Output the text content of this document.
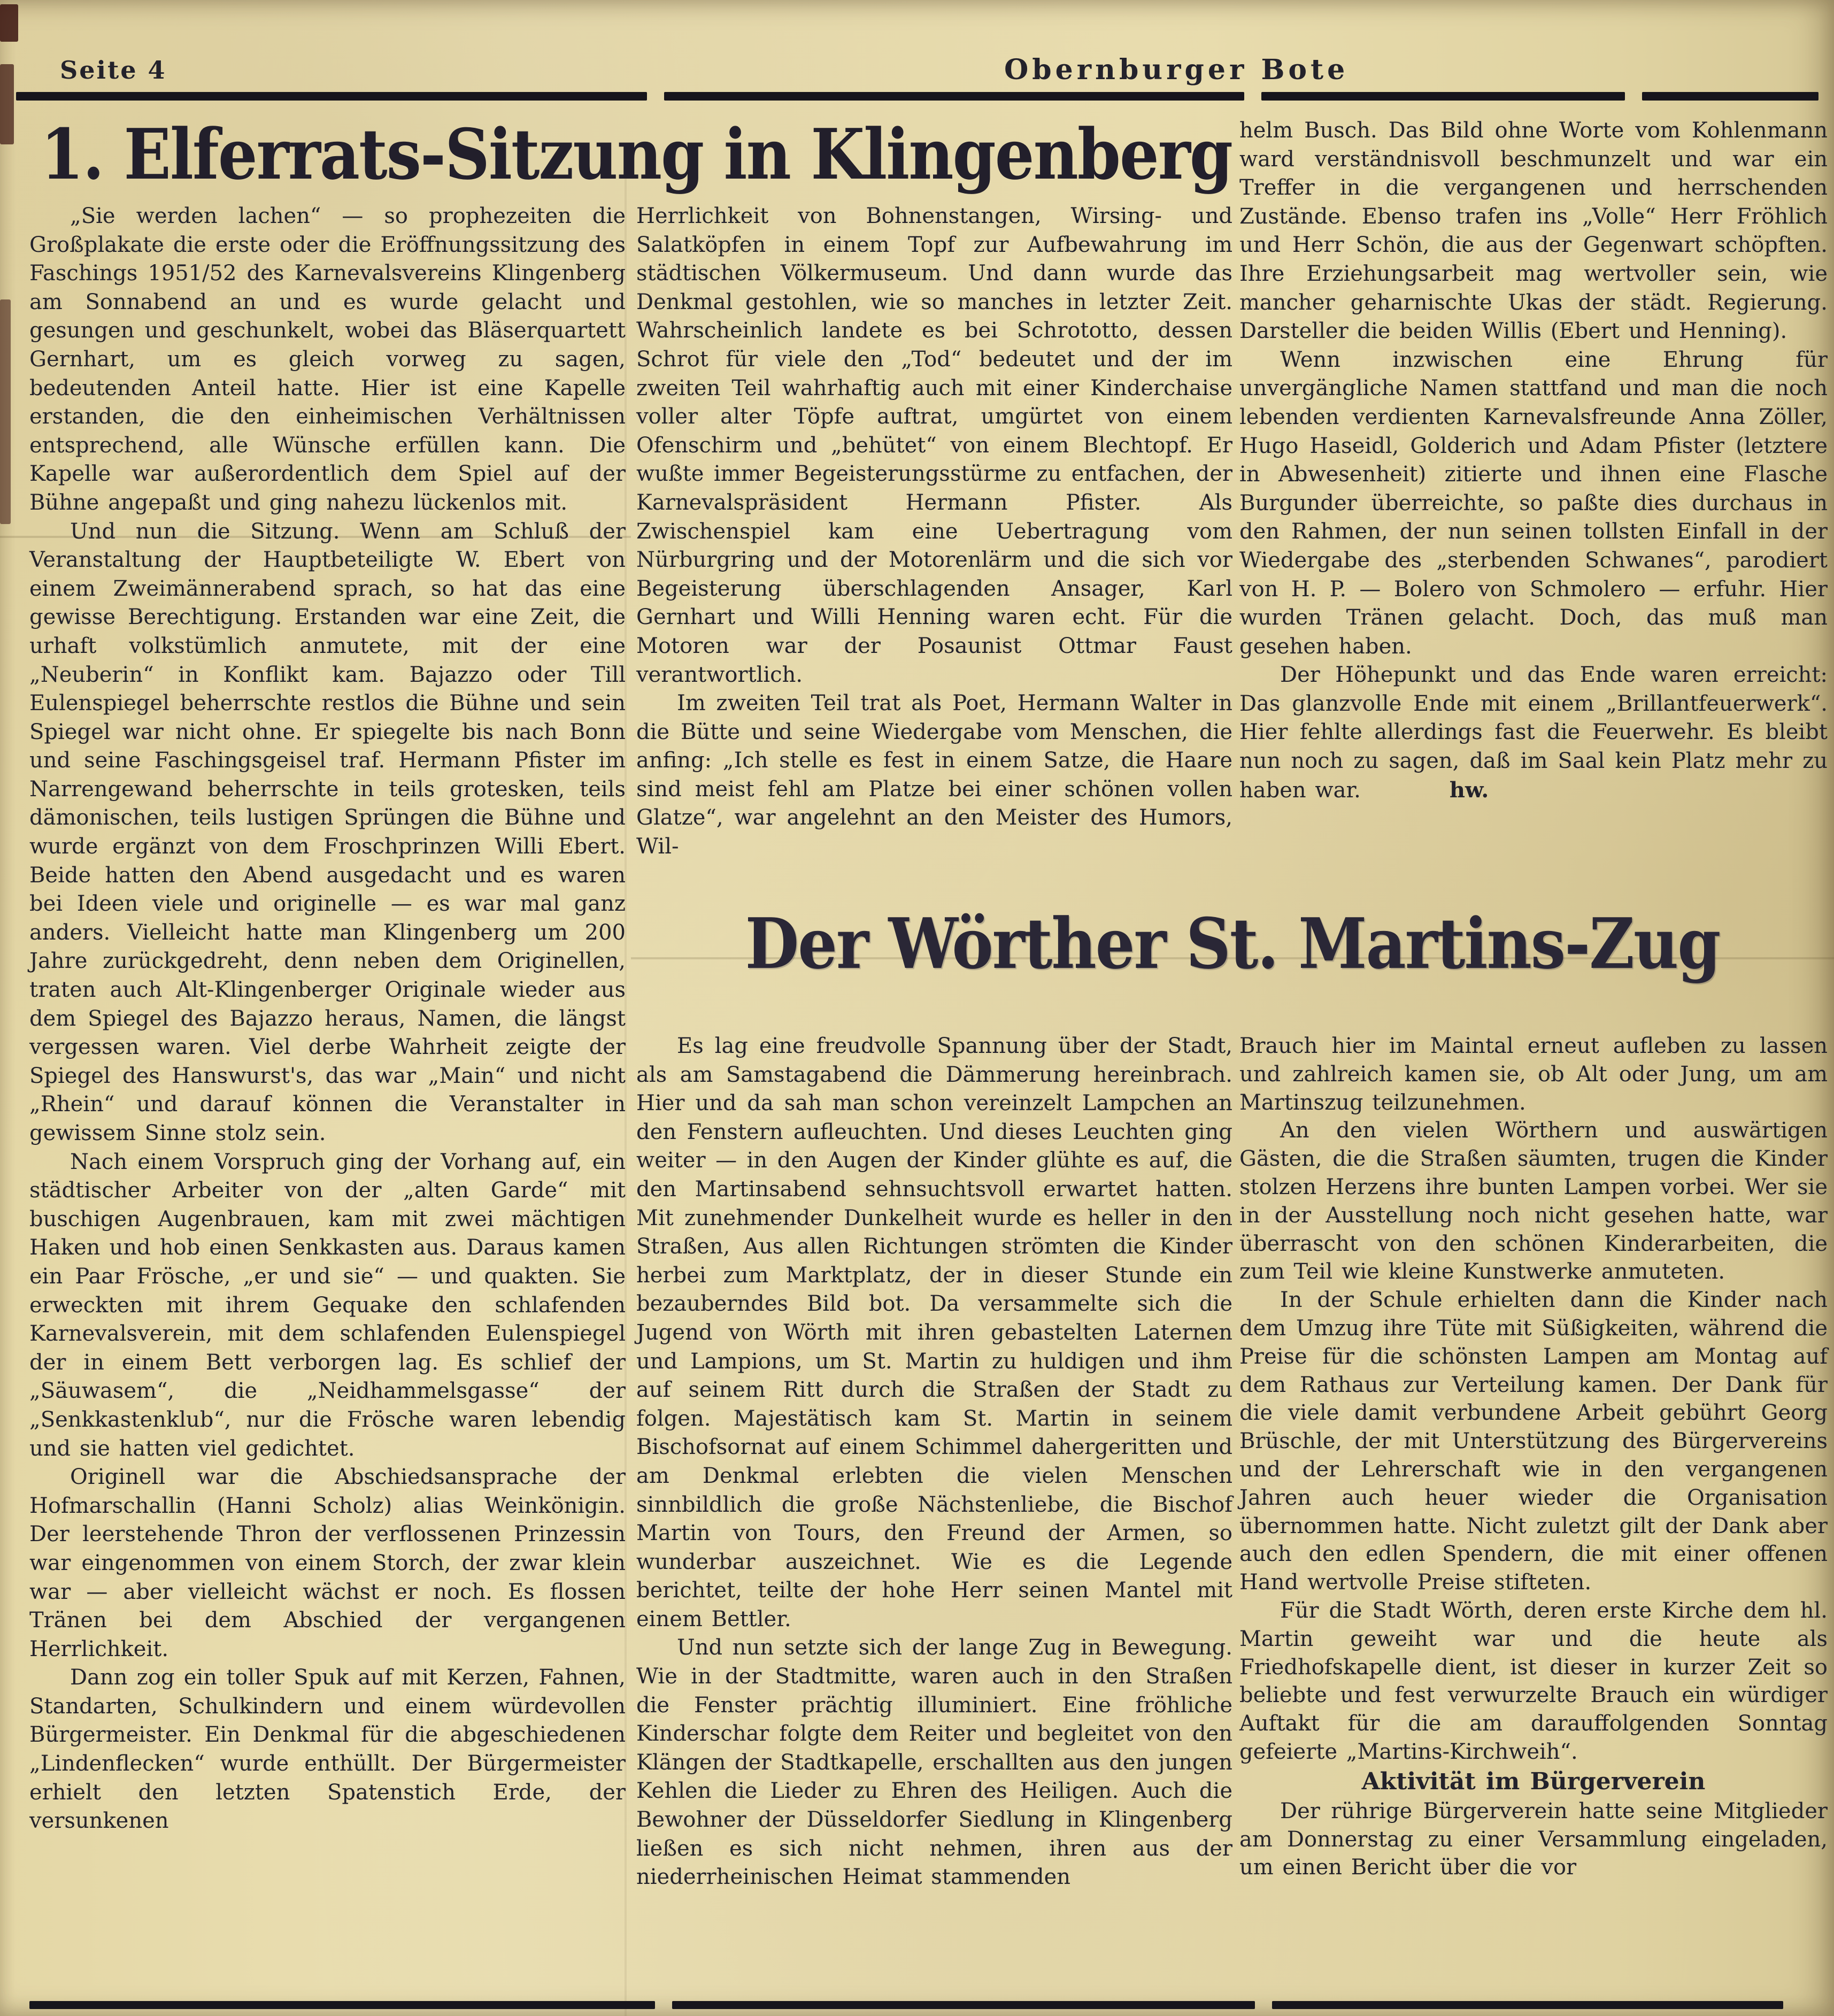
Seite 4	Obernburger Bote
1. Elferrats-Sitzung in Klingenberg

„Sie werden lachen“ — so prophezeiten die Großplakate die erste oder die Eröffnungssitzung des Faschings 1951/52 des Karnevalsvereins Klingenberg am Sonnabend an und es wurde gelacht und gesungen und geschunkelt, wobei das Bläserquartett Gernhart, um es gleich vorweg zu sagen, bedeutenden Anteil hatte. Hier ist eine Kapelle erstanden, die den einheimischen Verhältnissen entsprechend, alle Wünsche erfüllen kann. Die Kapelle war außerordentlich dem Spiel auf der Bühne angepaßt und ging nahezu lückenlos mit.

Und nun die Sitzung. Wenn am Schluß der Veranstaltung der Hauptbeteiligte W. Ebert von einem Zweimännerabend sprach, so hat das eine gewisse Berechtigung. Erstanden war eine Zeit, die urhaft volkstümlich anmutete, mit der eine „Neuberin“ in Konflikt kam. Bajazzo oder Till Eulenspiegel beherrschte restlos die Bühne und sein Spiegel war nicht ohne. Er spiegelte bis nach Bonn und seine Faschingsgeisel traf. Hermann Pfister im Narrengewand beherrschte in teils grotesken, teils dämonischen, teils lustigen Sprüngen die Bühne und wurde ergänzt von dem Froschprinzen Willi Ebert. Beide hatten den Abend ausgedacht und es waren bei Ideen viele und originelle — es war mal ganz anders. Vielleicht hatte man Klingenberg um 200 Jahre zurückgedreht, denn neben dem Originellen, traten auch Alt-Klingenberger Originale wieder aus dem Spiegel des Bajazzo heraus, Namen, die längst vergessen waren. Viel derbe Wahrheit zeigte der Spiegel des Hanswurst's, das war „Main“ und nicht „Rhein“ und darauf können die Veranstalter in gewissem Sinne stolz sein.

Nach einem Vorspruch ging der Vorhang auf, ein städtischer Arbeiter von der „alten Garde“ mit buschigen Augenbrauen, kam mit zwei mächtigen Haken und hob einen Senkkasten aus. Daraus kamen ein Paar Frösche, „er und sie“ — und quakten. Sie erweckten mit ihrem Gequake den schlafenden Karnevalsverein, mit dem schlafenden Eulenspiegel der in einem Bett verborgen lag. Es schlief der „Säuwasem“, die „Neidhammelsgasse“ der „Senkkastenklub“, nur die Frösche waren lebendig und sie hatten viel gedichtet.

Originell war die Abschiedsansprache der Hofmarschallin (Hanni Scholz) alias Weinkönigin. Der leerstehende Thron der verflossenen Prinzessin war eingenommen von einem Storch, der zwar klein war — aber vielleicht wächst er noch. Es flossen Tränen bei dem Abschied der vergangenen Herrlichkeit.

Dann zog ein toller Spuk auf mit Kerzen, Fahnen, Standarten, Schulkindern und einem würdevollen Bürgermeister. Ein Denkmal für die abgeschiedenen „Lindenflecken“ wurde enthüllt. Der Bürgermeister erhielt den letzten Spatenstich Erde, der versunkenen

Herrlichkeit von Bohnenstangen, Wirsing- und Salatköpfen in einem Topf zur Aufbewahrung im städtischen Völkermuseum. Und dann wurde das Denkmal gestohlen, wie so manches in letzter Zeit. Wahrscheinlich landete es bei Schrototto, dessen Schrot für viele den „Tod“ bedeutet und der im zweiten Teil wahrhaftig auch mit einer Kinderchaise voller alter Töpfe auftrat, umgürtet von einem Ofenschirm und „behütet“ von einem Blechtopf. Er wußte immer Begeisterungsstürme zu entfachen, der Karnevalspräsident Hermann Pfister. Als Zwischenspiel kam eine Uebertragung vom Nürburgring und der Motorenlärm und die sich vor Begeisterung überschlagenden Ansager, Karl Gernhart und Willi Henning waren echt. Für die Motoren war der Posaunist Ottmar Faust verantwortlich.

Im zweiten Teil trat als Poet, Hermann Walter in die Bütte und seine Wiedergabe vom Menschen, die anfing: „Ich stelle es fest in einem Satze, die Haare sind meist fehl am Platze bei einer schönen vollen Glatze“, war angelehnt an den Meister des Humors, Wil-

helm Busch. Das Bild ohne Worte vom Kohlenmann ward verständnisvoll beschmunzelt und war ein Treffer in die vergangenen und herrschenden Zustände. Ebenso trafen ins „Volle“ Herr Fröhlich und Herr Schön, die aus der Gegenwart schöpften. Ihre Erziehungsarbeit mag wertvoller sein, wie mancher geharnischte Ukas der städt. Regierung. Darsteller die beiden Willis (Ebert und Henning).

Wenn inzwischen eine Ehrung für unvergängliche Namen stattfand und man die noch lebenden verdienten Karnevalsfreunde Anna Zöller, Hugo Haseidl, Golderich und Adam Pfister (letztere in Abwesenheit) zitierte und ihnen eine Flasche Burgunder überreichte, so paßte dies durchaus in den Rahmen, der nun seinen tollsten Einfall in der Wiedergabe des „sterbenden Schwanes“, parodiert von H. P. — Bolero von Schmolero — erfuhr. Hier wurden Tränen gelacht. Doch, das muß man gesehen haben.

Der Höhepunkt und das Ende waren erreicht: Das glanzvolle Ende mit einem „Brillantfeuerwerk“. Hier fehlte allerdings fast die Feuerwehr. Es bleibt nun noch zu sagen, daß im Saal kein Platz mehr zu haben war.	hw.

Der Wörther St. Martins-Zug

Es lag eine freudvolle Spannung über der Stadt, als am Samstagabend die Dämmerung hereinbrach. Hier und da sah man schon vereinzelt Lampchen an den Fenstern aufleuchten. Und dieses Leuchten ging weiter — in den Augen der Kinder glühte es auf, die den Martinsabend sehnsuchtsvoll erwartet hatten. Mit zunehmender Dunkelheit wurde es heller in den Straßen, Aus allen Richtungen strömten die Kinder herbei zum Marktplatz, der in dieser Stunde ein bezauberndes Bild bot. Da versammelte sich die Jugend von Wörth mit ihren gebastelten Laternen und Lampions, um St. Martin zu huldigen und ihm auf seinem Ritt durch die Straßen der Stadt zu folgen. Majestätisch kam St. Martin in seinem Bischofsornat auf einem Schimmel dahergeritten und am Denkmal erlebten die vielen Menschen sinnbildlich die große Nächstenliebe, die Bischof Martin von Tours, den Freund der Armen, so wunderbar auszeichnet. Wie es die Legende berichtet, teilte der hohe Herr seinen Mantel mit einem Bettler.

Und nun setzte sich der lange Zug in Bewegung. Wie in der Stadtmitte, waren auch in den Straßen die Fenster prächtig illuminiert. Eine fröhliche Kinderschar folgte dem Reiter und begleitet von den Klängen der Stadtkapelle, erschallten aus den jungen Kehlen die Lieder zu Ehren des Heiligen. Auch die Bewohner der Düsseldorfer Siedlung in Klingenberg ließen es sich nicht nehmen, ihren aus der niederrheinischen Heimat stammenden

Brauch hier im Maintal erneut aufleben zu lassen und zahlreich kamen sie, ob Alt oder Jung, um am Martinszug teilzunehmen.

An den vielen Wörthern und auswärtigen Gästen, die die Straßen säumten, trugen die Kinder stolzen Herzens ihre bunten Lampen vorbei. Wer sie in der Ausstellung noch nicht gesehen hatte, war überrascht von den schönen Kinderarbeiten, die zum Teil wie kleine Kunstwerke anmuteten.

In der Schule erhielten dann die Kinder nach dem Umzug ihre Tüte mit Süßigkeiten, während die Preise für die schönsten Lampen am Montag auf dem Rathaus zur Verteilung kamen. Der Dank für die viele damit verbundene Arbeit gebührt Georg Brüschle, der mit Unterstützung des Bürgervereins und der Lehrerschaft wie in den vergangenen Jahren auch heuer wieder die Organisation übernommen hatte. Nicht zuletzt gilt der Dank aber auch den edlen Spendern, die mit einer offenen Hand wertvolle Preise stifteten.

Für die Stadt Wörth, deren erste Kirche dem hl. Martin geweiht war und die heute als Friedhofskapelle dient, ist dieser in kurzer Zeit so beliebte und fest verwurzelte Brauch ein würdiger Auftakt für die am darauffolgenden Sonntag gefeierte „Martins-Kirchweih“.

Aktivität im Bürgerverein

Der rührige Bürgerverein hatte seine Mitglieder am Donnerstag zu einer Versammlung eingeladen, um einen Bericht über die vor
